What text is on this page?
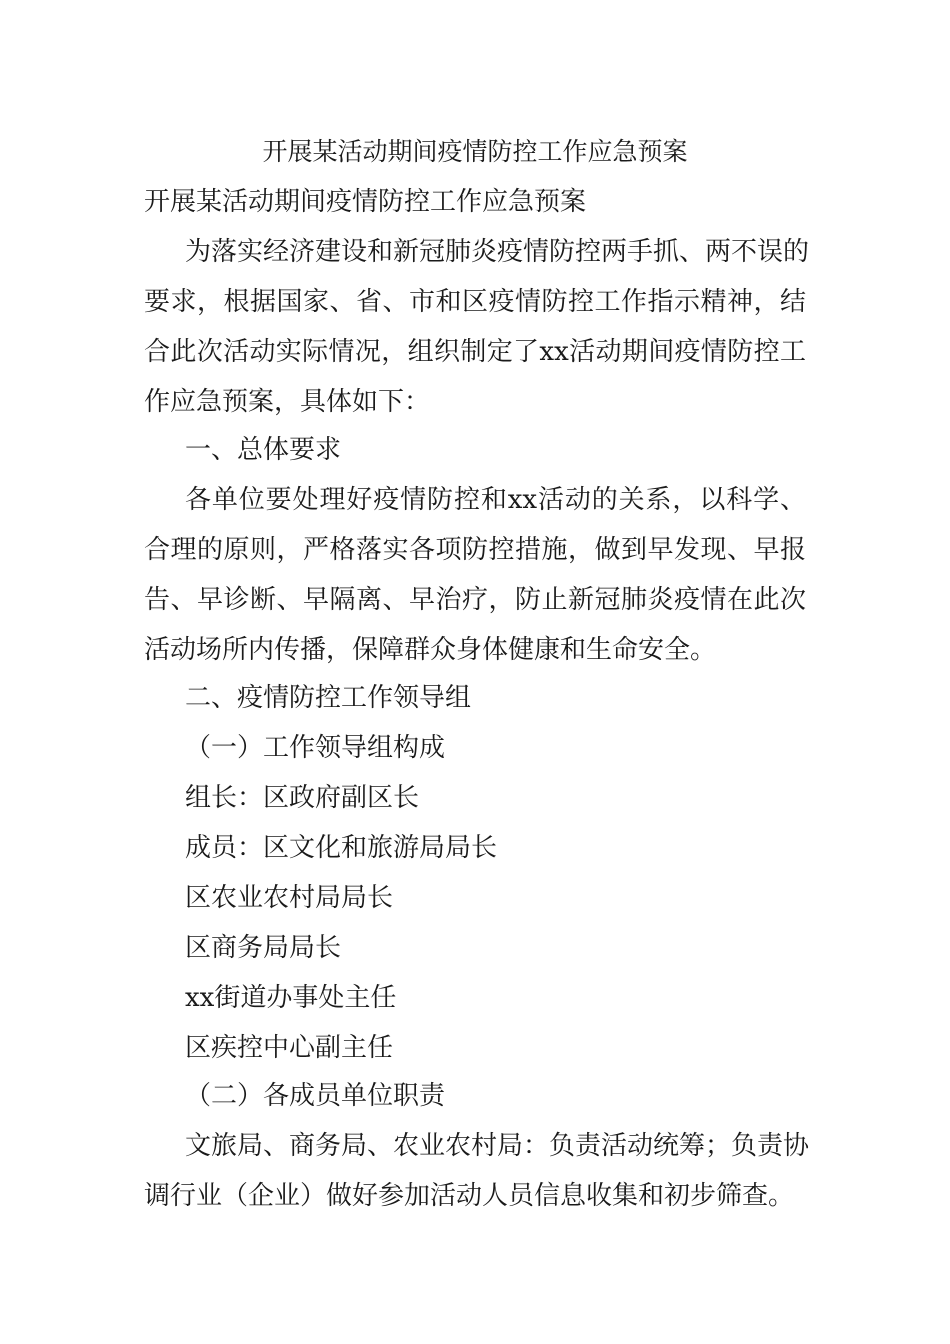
开展某活动期间疫情防控工作应急预案
开展某活动期间疫情防控工作应急预案
为落实经济建设和新冠肺炎疫情防控两手抓、两不误的
要求，根据国家、省、市和区疫情防控工作指示精神，结
合此次活动实际情况，组织制定了xx活动期间疫情防控工
作应急预案，具体如下：
一、总体要求
各单位要处理好疫情防控和xx活动的关系，以科学、
合理的原则，严格落实各项防控措施，做到早发现、早报
告、早诊断、早隔离、早治疗，防止新冠肺炎疫情在此次
活动场所内传播，保障群众身体健康和生命安全。
二、疫情防控工作领导组
（一）工作领导组构成
组长：区政府副区长
成员：区文化和旅游局局长
区农业农村局局长
区商务局局长
xx街道办事处主任
区疾控中心副主任
（二）各成员单位职责
文旅局、商务局、农业农村局：负责活动统筹；负责协
调行业（企业）做好参加活动人员信息收集和初步筛查。
